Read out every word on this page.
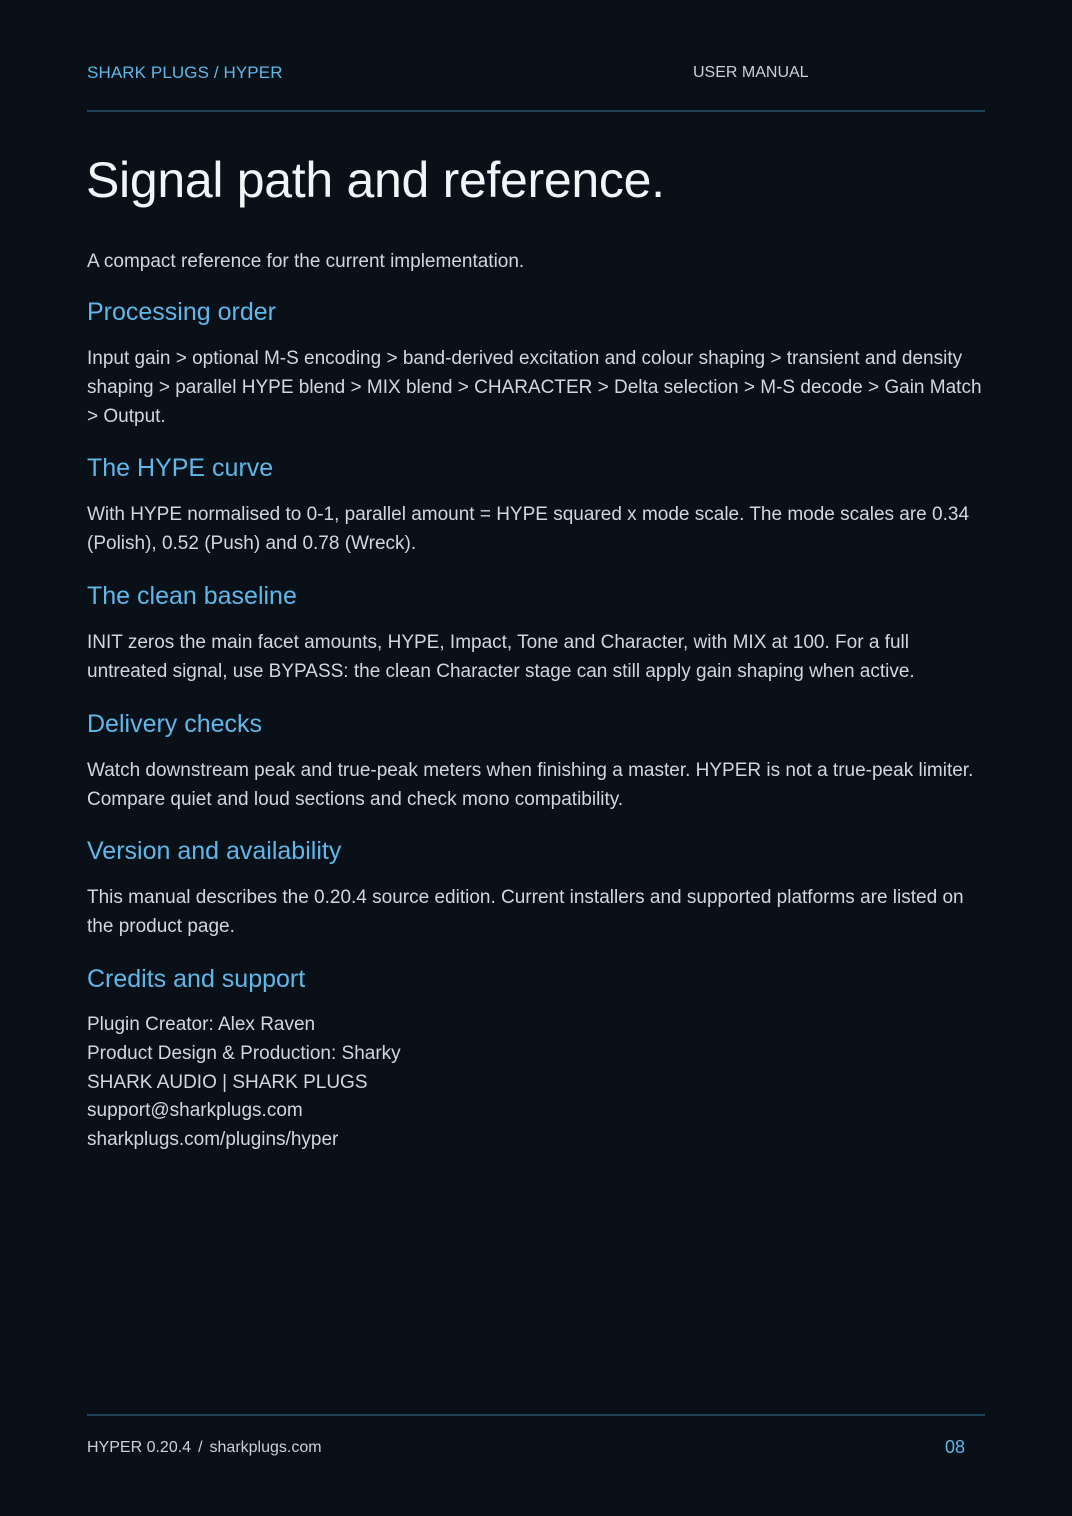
SHARK PLUGS / HYPER	USER MANUAL
Signal path and reference.

A compact reference for the current implementation.

Processing order

Input gain > optional M-S encoding > band-derived excitation and colour shaping > transient and density shaping > parallel HYPE blend > MIX blend > CHARACTER > Delta selection > M-S decode > Gain Match > Output.

The HYPE curve

With HYPE normalised to 0-1, parallel amount = HYPE squared x mode scale. The mode scales are 0.34 (Polish), 0.52 (Push) and 0.78 (Wreck).

The clean baseline

INIT zeros the main facet amounts, HYPE, Impact, Tone and Character, with MIX at 100. For a full untreated signal, use BYPASS: the clean Character stage can still apply gain shaping when active.

Delivery checks

Watch downstream peak and true-peak meters when finishing a master. HYPER is not a true-peak limiter. Compare quiet and loud sections and check mono compatibility.

Version and availability

This manual describes the 0.20.4 source edition. Current installers and supported platforms are listed on the product page.

Credits and support
Plugin Creator: Alex Raven
Product Design & Production: Sharky
SHARK AUDIO | SHARK PLUGS
support@sharkplugs.com
sharkplugs.com/plugins/hyper
HYPER 0.20.4 / sharkplugs.com	08
